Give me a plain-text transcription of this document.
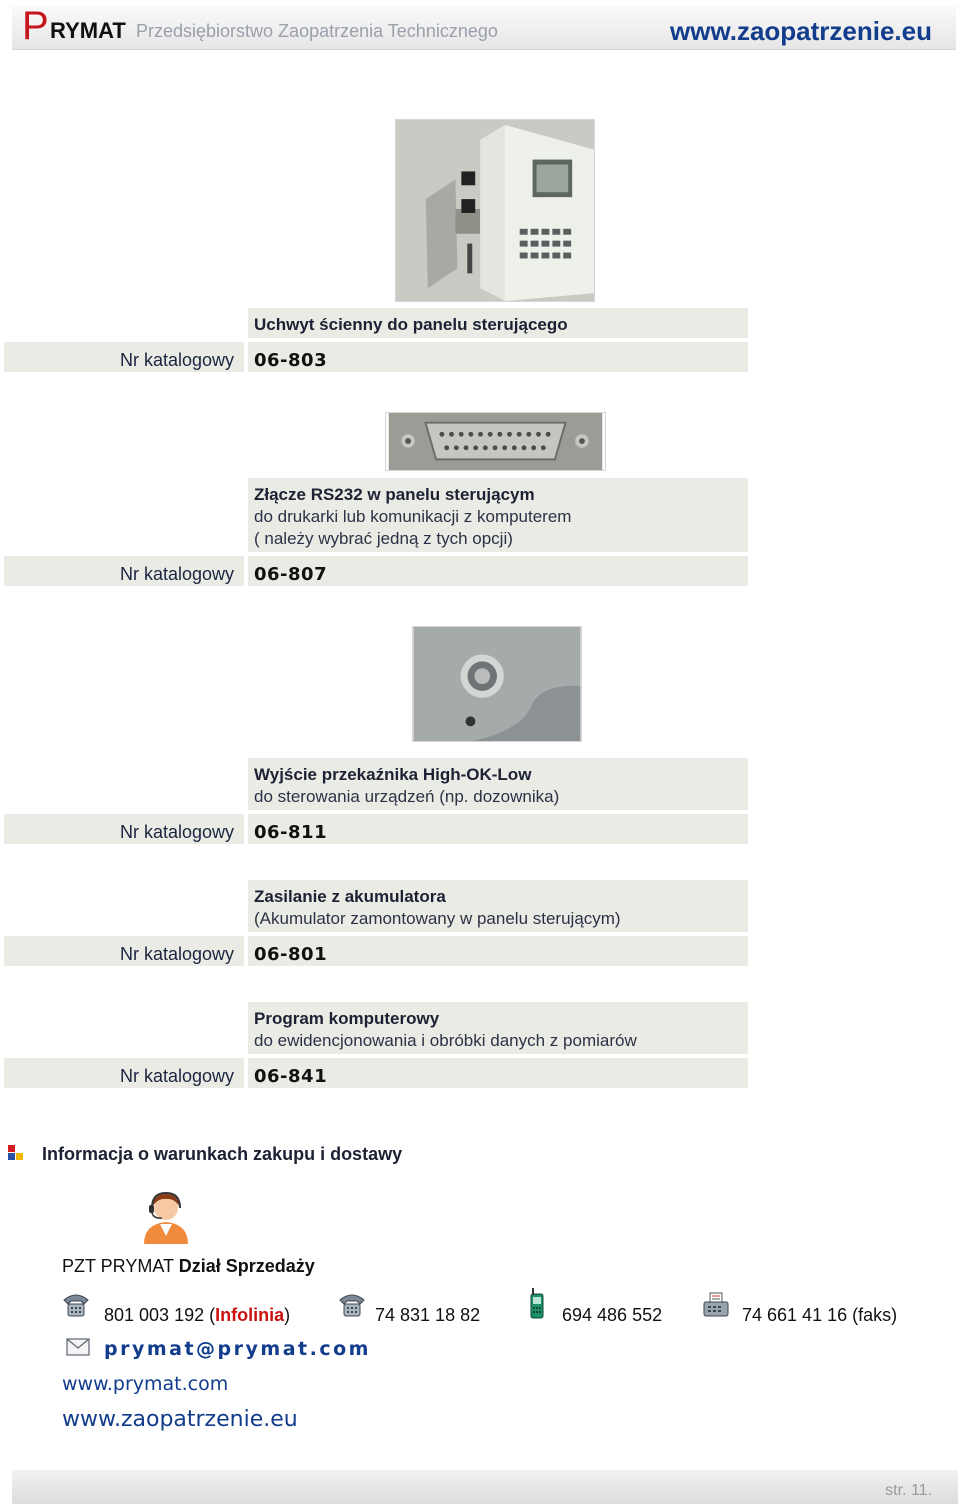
P RYMAT Przedsiębiorstwo Zaopatrzenia Technicznego	www.zaopatrzenie.eu
Uchwyt ścienny do panelu sterującego
Nr katalogowy 06-803
Złącze RS232 w panelu sterującym
do drukarki lub komunikacji z komputerem
( należy wybrać jedną z tych opcji)
Nr katalogowy 06-807
Wyjście przekaźnika High-OK-Low
do sterowania urządzeń (np. dozownika)
Nr katalogowy 06-811
Zasilanie z akumulatora
(Akumulator zamontowany w panelu sterującym)
Nr katalogowy 06-801
Program komputerowy
do ewidencjonowania i obróbki danych z pomiarów
Nr katalogowy 06-841
Informacja o warunkach zakupu i dostawy
PZT PRYMAT Dział Sprzedaży
801 003 192 (Infolinia)	74 831 18 82	694 486 552	74 661 41 16 (faks)
prymat@prymat.com
www.prymat.com
www.zaopatrzenie.eu
str. 11.
